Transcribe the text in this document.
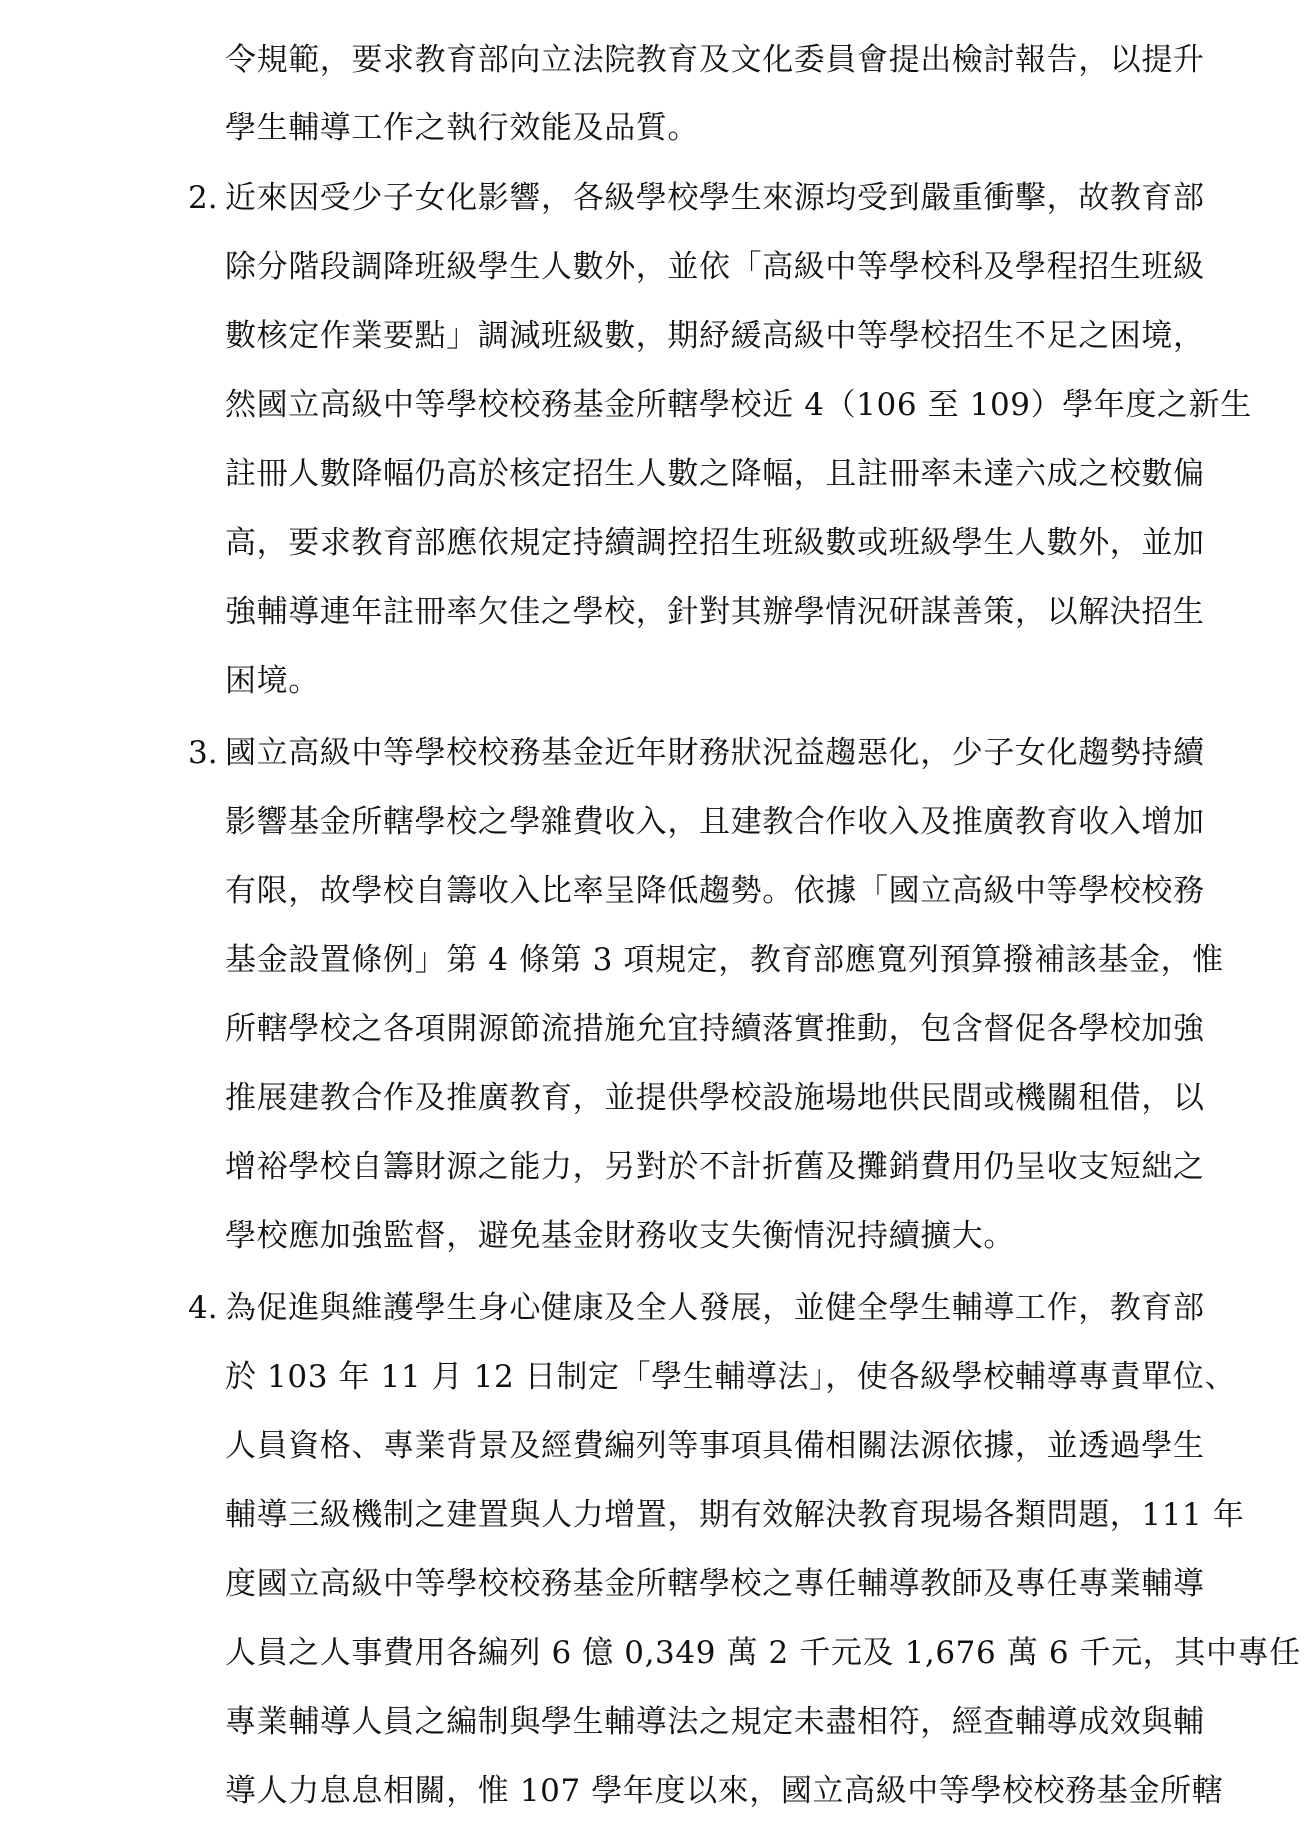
令規範，要求教育部向立法院教育及文化委員會提出檢討報告，以提升
學生輔導工作之執行效能及品質。
2. 近來因受少子女化影響，各級學校學生來源均受到嚴重衝擊，故教育部
除分階段調降班級學生人數外，並依「高級中等學校科及學程招生班級
數核定作業要點」調減班級數，期紓緩高級中等學校招生不足之困境，
然國立高級中等學校校務基金所轄學校近 4（106 至 109）學年度之新生
註冊人數降幅仍高於核定招生人數之降幅，且註冊率未達六成之校數偏
高，要求教育部應依規定持續調控招生班級數或班級學生人數外，並加
強輔導連年註冊率欠佳之學校，針對其辦學情況研謀善策，以解決招生
困境。
3. 國立高級中等學校校務基金近年財務狀況益趨惡化，少子女化趨勢持續
影響基金所轄學校之學雜費收入，且建教合作收入及推廣教育收入增加
有限，故學校自籌收入比率呈降低趨勢。依據「國立高級中等學校校務
基金設置條例」第 4 條第 3 項規定，教育部應寬列預算撥補該基金，惟
所轄學校之各項開源節流措施允宜持續落實推動，包含督促各學校加強
推展建教合作及推廣教育，並提供學校設施場地供民間或機關租借，以
增裕學校自籌財源之能力，另對於不計折舊及攤銷費用仍呈收支短絀之
學校應加強監督，避免基金財務收支失衡情況持續擴大。
4. 為促進與維護學生身心健康及全人發展，並健全學生輔導工作，教育部
於 103 年 11 月 12 日制定「學生輔導法」，使各級學校輔導專責單位、
人員資格、專業背景及經費編列等事項具備相關法源依據，並透過學生
輔導三級機制之建置與人力增置，期有效解決教育現場各類問題，111 年
度國立高級中等學校校務基金所轄學校之專任輔導教師及專任專業輔導
人員之人事費用各編列 6 億 0,349 萬 2 千元及 1,676 萬 6 千元，其中專任
專業輔導人員之編制與學生輔導法之規定未盡相符，經查輔導成效與輔
導人力息息相關，惟 107 學年度以來，國立高級中等學校校務基金所轄
